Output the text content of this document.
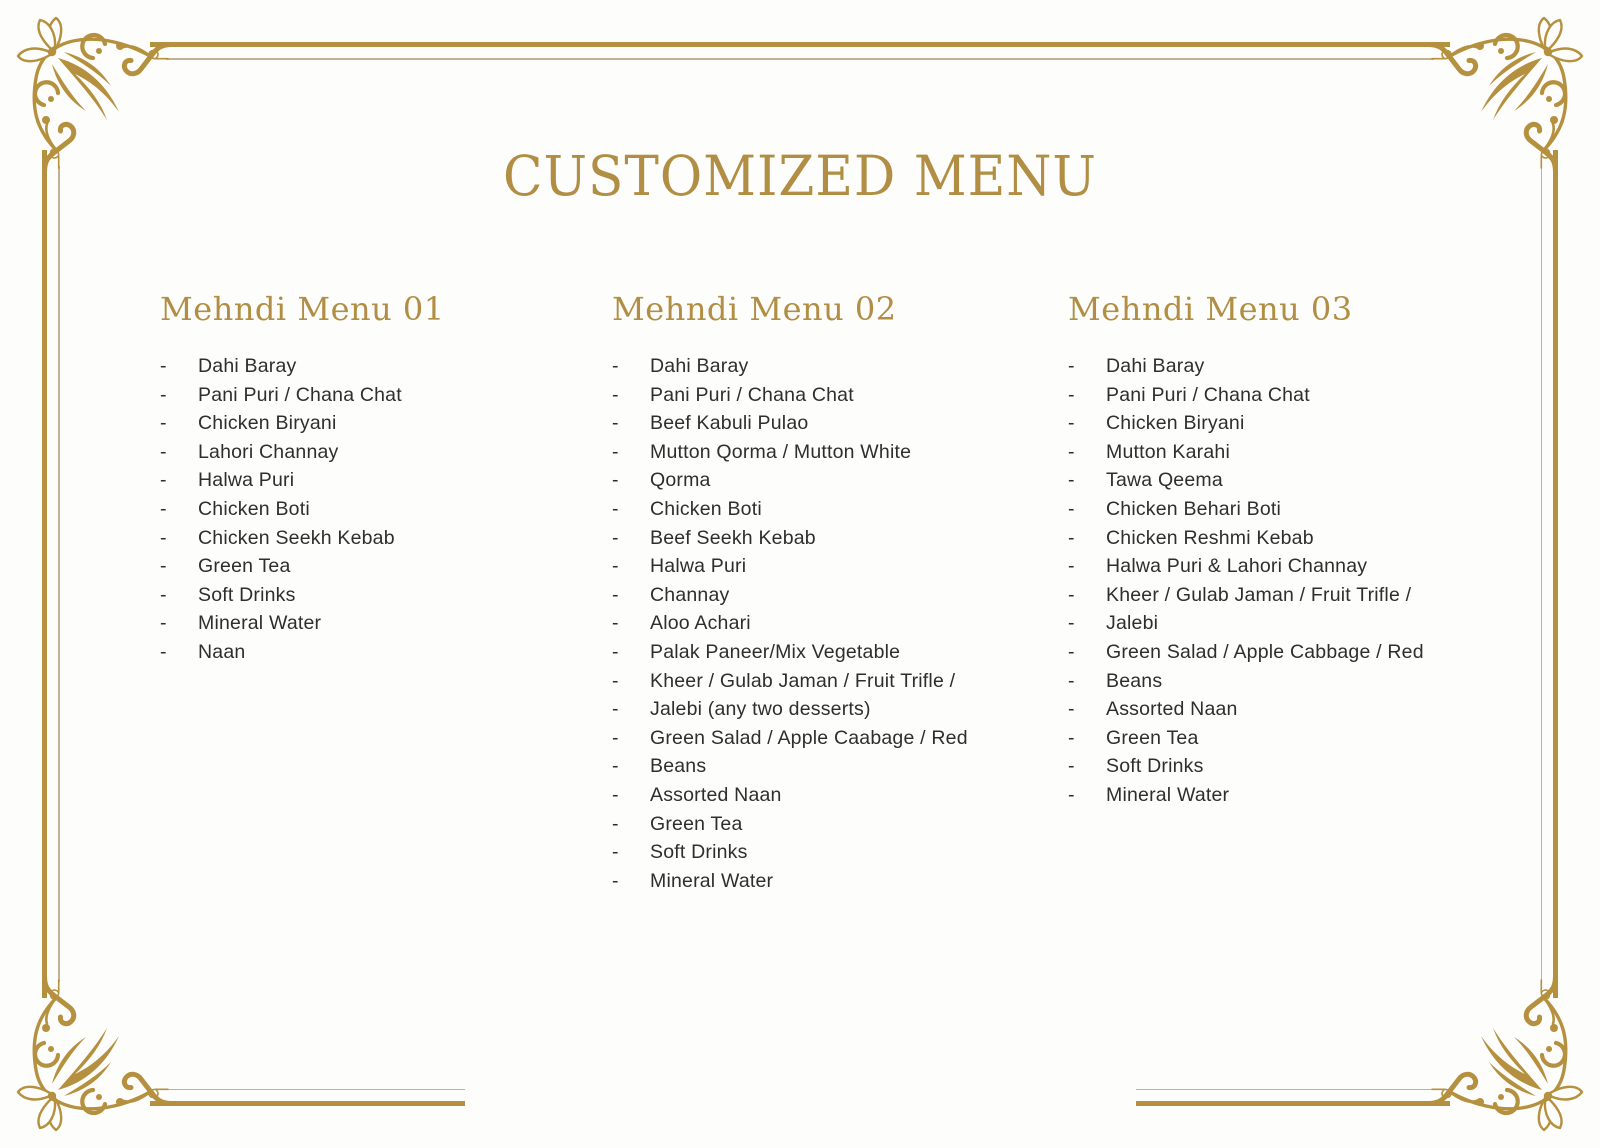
CUSTOMIZED MENU
Mehndi Menu 01
-	Dahi Baray
-	Pani Puri / Chana Chat
-	Chicken Biryani
-	Lahori Channay
-	Halwa Puri
-	Chicken Boti
-	Chicken Seekh Kebab
-	Green Tea
-	Soft Drinks
-	Mineral Water
-	Naan
Mehndi Menu 02
-	Dahi Baray
-	Pani Puri / Chana Chat
-	Beef Kabuli Pulao
-	Mutton Qorma / Mutton White
-	Qorma
-	Chicken Boti
-	Beef Seekh Kebab
-	Halwa Puri
-	Channay
-	Aloo Achari
-	Palak Paneer/Mix Vegetable
-	Kheer / Gulab Jaman / Fruit Trifle /
-	Jalebi (any two desserts)
-	Green Salad / Apple Caabage / Red
-	Beans
-	Assorted Naan
-	Green Tea
-	Soft Drinks
-	Mineral Water
Mehndi Menu 03
-	Dahi Baray
-	Pani Puri / Chana Chat
-	Chicken Biryani
-	Mutton Karahi
-	Tawa Qeema
-	Chicken Behari Boti
-	Chicken Reshmi Kebab
-	Halwa Puri & Lahori Channay
-	Kheer / Gulab Jaman / Fruit Trifle /
-	Jalebi
-	Green Salad / Apple Cabbage / Red
-	Beans
-	Assorted Naan
-	Green Tea
-	Soft Drinks
-	Mineral Water
